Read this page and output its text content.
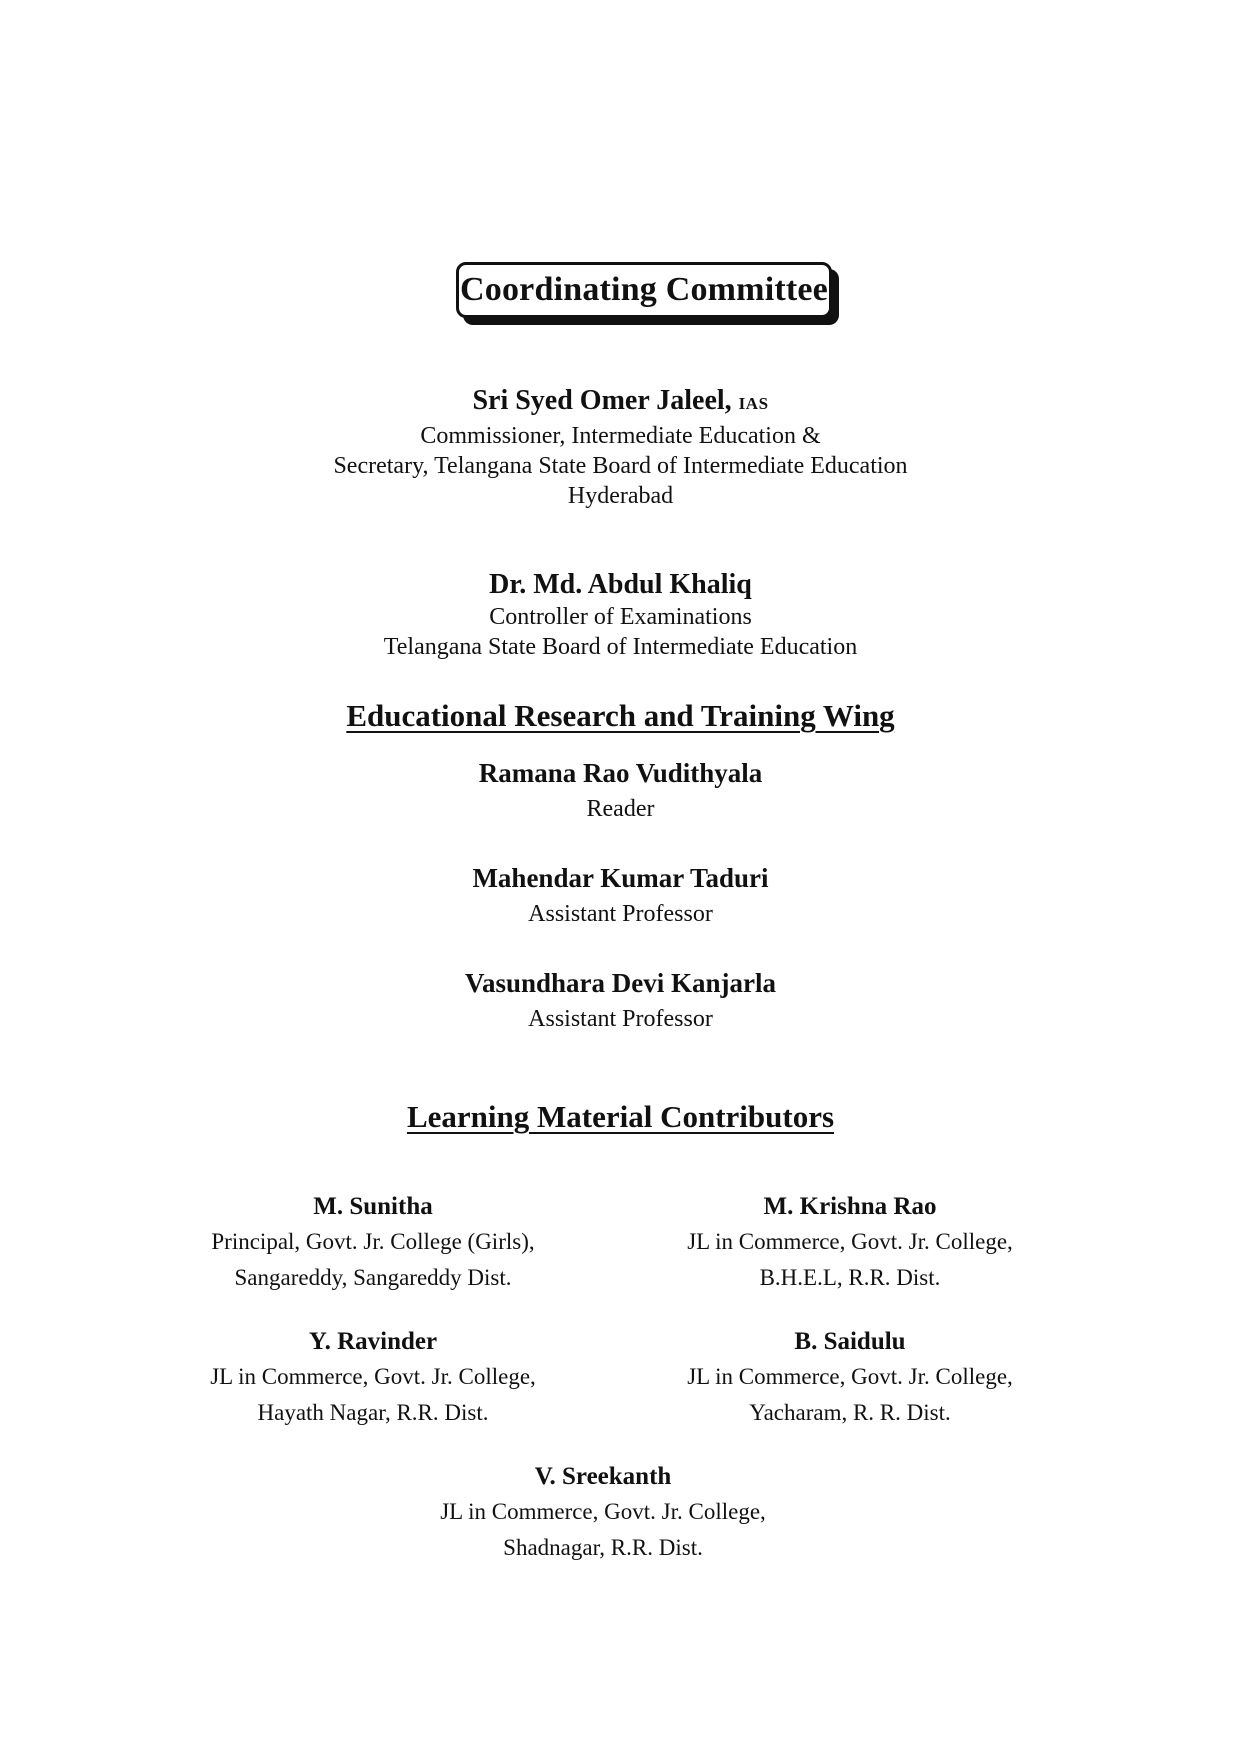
Coordinating Committee
Sri Syed Omer Jaleel, IAS
Commissioner, Intermediate Education &
Secretary, Telangana State Board of Intermediate Education
Hyderabad
Dr. Md. Abdul Khaliq
Controller of Examinations
Telangana State Board of Intermediate Education
Educational Research and Training Wing
Ramana Rao Vudithyala
Reader
Mahendar Kumar Taduri
Assistant Professor
Vasundhara Devi Kanjarla
Assistant Professor
Learning Material Contributors
M. Sunitha
Principal, Govt. Jr. College (Girls),
Sangareddy, Sangareddy Dist.
M. Krishna Rao
JL in Commerce, Govt. Jr. College,
B.H.E.L, R.R. Dist.
Y. Ravinder
JL in Commerce, Govt. Jr. College,
Hayath Nagar, R.R. Dist.
B. Saidulu
JL in Commerce, Govt. Jr. College,
Yacharam, R. R. Dist.
V. Sreekanth
JL in Commerce, Govt. Jr. College,
Shadnagar, R.R. Dist.
